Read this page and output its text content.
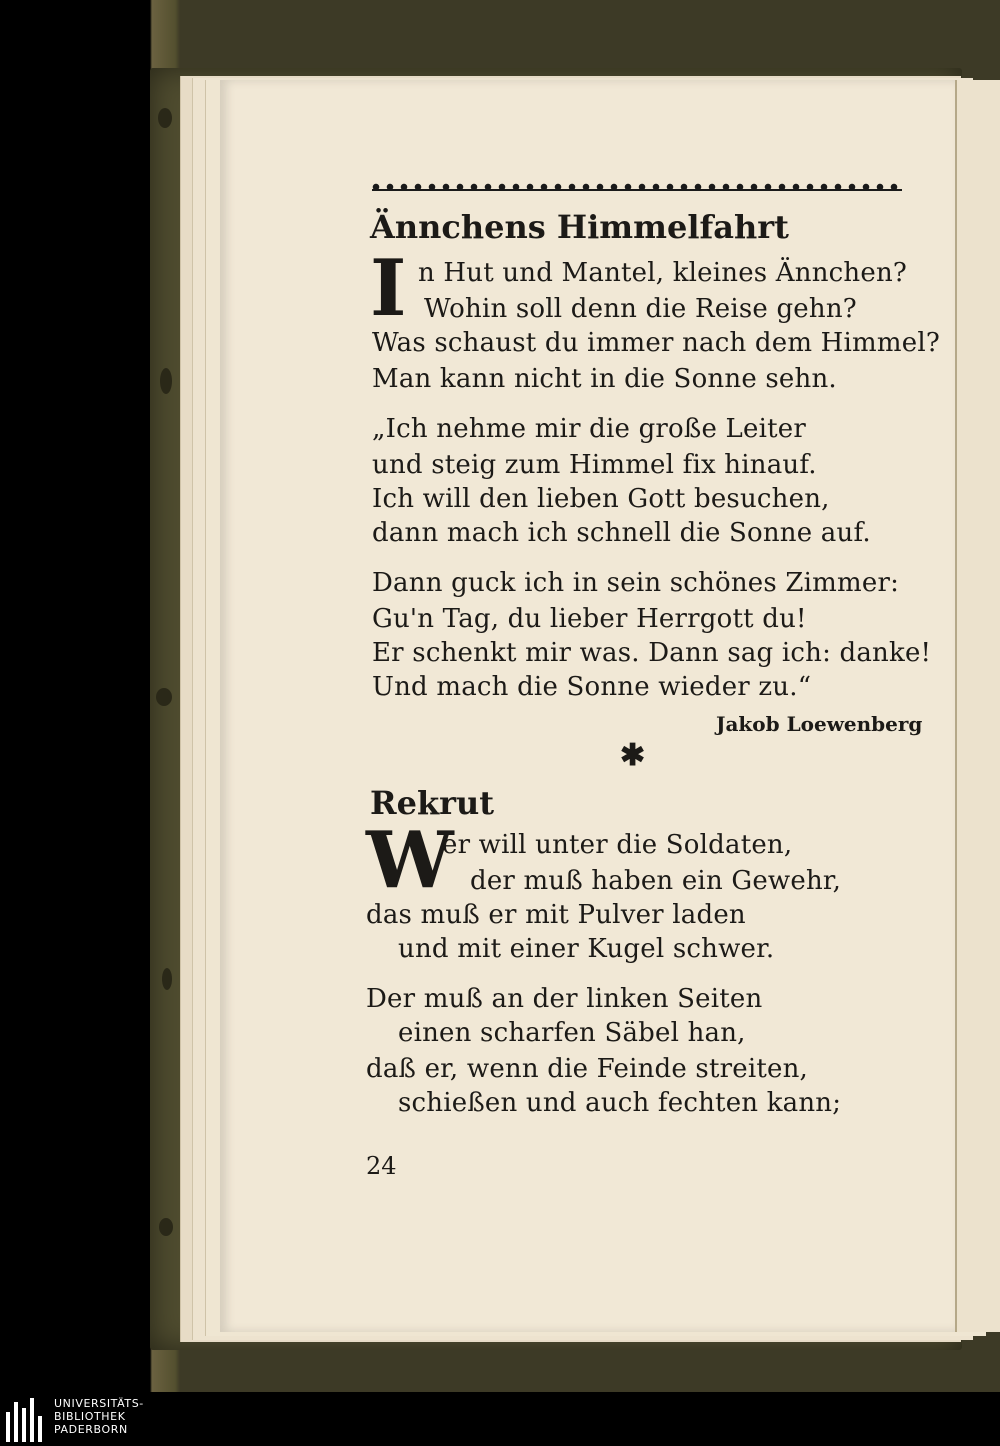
Ännchens Himmelfahrt
I n Hut und Mantel, kleines Ännchen?
Wohin soll denn die Reise gehn?
Was schaust du immer nach dem Himmel?
Man kann nicht in die Sonne sehn.
„Ich nehme mir die große Leiter
und steig zum Himmel fix hinauf.
Ich will den lieben Gott besuchen,
dann mach ich schnell die Sonne auf.
Dann guck ich in sein schönes Zimmer:
Gu'n Tag, du lieber Herrgott du!
Er schenkt mir was. Dann sag ich: danke!
Und mach die Sonne wieder zu.“
Jakob Loewenberg
✱
Rekrut
W
er will unter die Soldaten,
der muß haben ein Gewehr,
das muß er mit Pulver laden
und mit einer Kugel schwer.
Der muß an der linken Seiten
einen scharfen Säbel han,
daß er, wenn die Feinde streiten,
schießen und auch fechten kann;
24
UNIVERSITÄTS-
BIBLIOTHEK
PADERBORN
